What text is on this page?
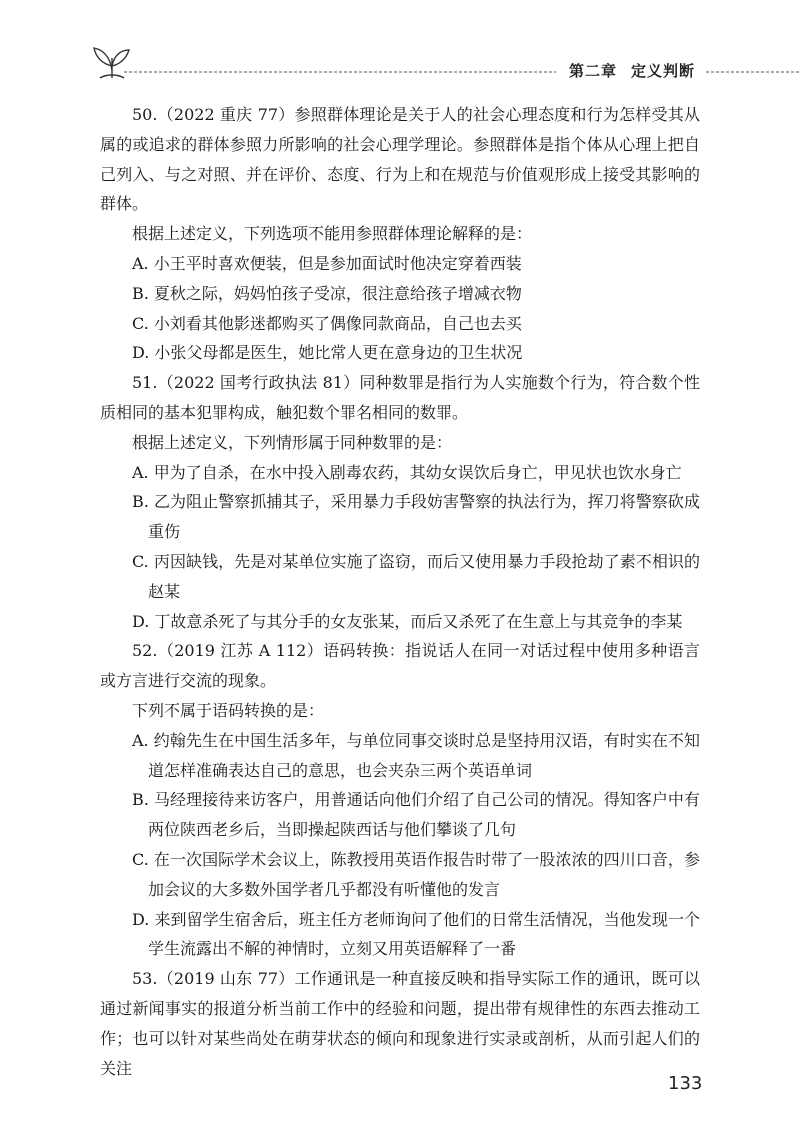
第二章 定义判断

50.（2022 重庆 77）参照群体理论是关于人的社会心理态度和行为怎样受其从属的或追求的群体参照力所影响的社会心理学理论。参照群体是指个体从心理上把自己列入、与之对照、并在评价、态度、行为上和在规范与价值观形成上接受其影响的群体。

根据上述定义，下列选项不能用参照群体理论解释的是：

A. 小王平时喜欢便装，但是参加面试时他决定穿着西装

B. 夏秋之际，妈妈怕孩子受凉，很注意给孩子增减衣物

C. 小刘看其他影迷都购买了偶像同款商品，自己也去买

D. 小张父母都是医生，她比常人更在意身边的卫生状况

51.（2022 国考行政执法 81）同种数罪是指行为人实施数个行为，符合数个性质相同的基本犯罪构成，触犯数个罪名相同的数罪。

根据上述定义，下列情形属于同种数罪的是：

A. 甲为了自杀，在水中投入剧毒农药，其幼女误饮后身亡，甲见状也饮水身亡

B. 乙为阻止警察抓捕其子，采用暴力手段妨害警察的执法行为，挥刀将警察砍成重伤

C. 丙因缺钱，先是对某单位实施了盗窃，而后又使用暴力手段抢劫了素不相识的赵某

D. 丁故意杀死了与其分手的女友张某，而后又杀死了在生意上与其竞争的李某

52.（2019 江苏 A 112）语码转换：指说话人在同一对话过程中使用多种语言或方言进行交流的现象。

下列不属于语码转换的是：

A. 约翰先生在中国生活多年，与单位同事交谈时总是坚持用汉语，有时实在不知道怎样准确表达自己的意思，也会夹杂三两个英语单词

B. 马经理接待来访客户，用普通话向他们介绍了自己公司的情况。得知客户中有两位陕西老乡后，当即操起陕西话与他们攀谈了几句

C. 在一次国际学术会议上，陈教授用英语作报告时带了一股浓浓的四川口音，参加会议的大多数外国学者几乎都没有听懂他的发言

D. 来到留学生宿舍后，班主任方老师询问了他们的日常生活情况，当他发现一个学生流露出不解的神情时，立刻又用英语解释了一番

53.（2019 山东 77）工作通讯是一种直接反映和指导实际工作的通讯，既可以通过新闻事实的报道分析当前工作中的经验和问题，提出带有规律性的东西去推动工作；也可以针对某些尚处在萌芽状态的倾向和现象进行实录或剖析，从而引起人们的关注

133
